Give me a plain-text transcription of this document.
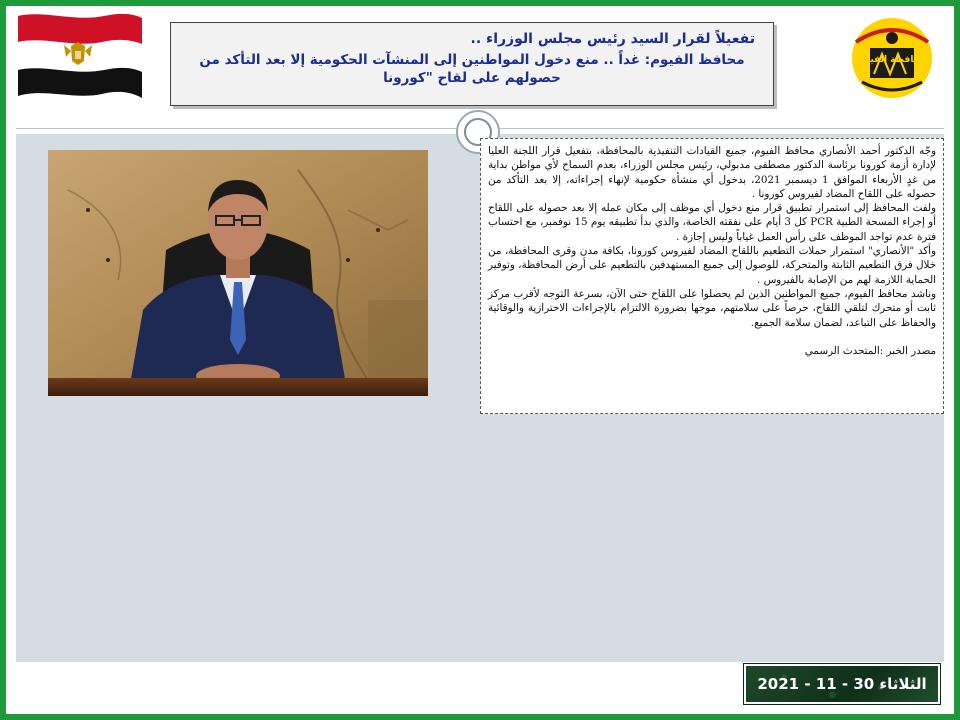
محافظة الفيوم
تفعيلاً لقرار السيد رئيس مجلس الوزراء ..
محافظ الفيوم: غداً .. منع دخول المواطنين إلى المنشآت الحكومية إلا بعد التأكد من حصولهم على لقاح "كورونا

وجّه الدكتور أحمد الأنصاري محافظ الفيوم، جميع القيادات التنفيذية بالمحافظة، بتفعيل قرار اللجنة العليا لإدارة أزمة كورونا برئاسة الدكتور مصطفى مدبولي، رئيس مجلس الوزراء، بعدم السماح لأي مواطن بداية من غدٍ الأربعاء الموافق 1 ديسمبر 2021، بدخول أي منشأة حكومية لإنهاء إجراءاته، إلا بعد التأكد من حصوله على اللقاح المضاد لفيروس كورونا .

ولفت المحافظ إلى استمرار تطبيق قرار منع دخول أي موظف إلى مكان عمله إلا بعد حصوله على اللقاح أو إجراء المسحة الطبية PCR كل 3 أيام على نفقته الخاصة، والذي بدأ تطبيقه يوم 15 نوفمبر، مع احتساب فترة عدم تواجد الموظف على رأس العمل غياباً وليس إجازة .

وأكد "الأنصاري" استمرار حملات التطعيم باللقاح المضاد لفيروس كورونا، بكافة مدن وقرى المحافظة، من خلال فرق التطعيم الثابتة والمتحركة، للوصول إلى جميع المستهدفين بالتطعيم على أرض المحافظة، وتوفير الحماية اللازمة لهم من الإصابة بالفيروس .

وناشد محافظ الفيوم، جميع المواطنين الذين لم يحصلوا على اللقاح حتى الآن، بسرعة التوجه لأقرب مركز ثابت أو متحرك لتلقي اللقاح، حرصاً على سلامتهم، موجها بضرورة الالتزام بالإجراءات الاحترازية والوقائية والحفاظ على التباعد، لضمان سلامة الجميع.

مصدر الخبر :المتحدث الرسمي

الثلاثاء 30 - 11 - 2021
